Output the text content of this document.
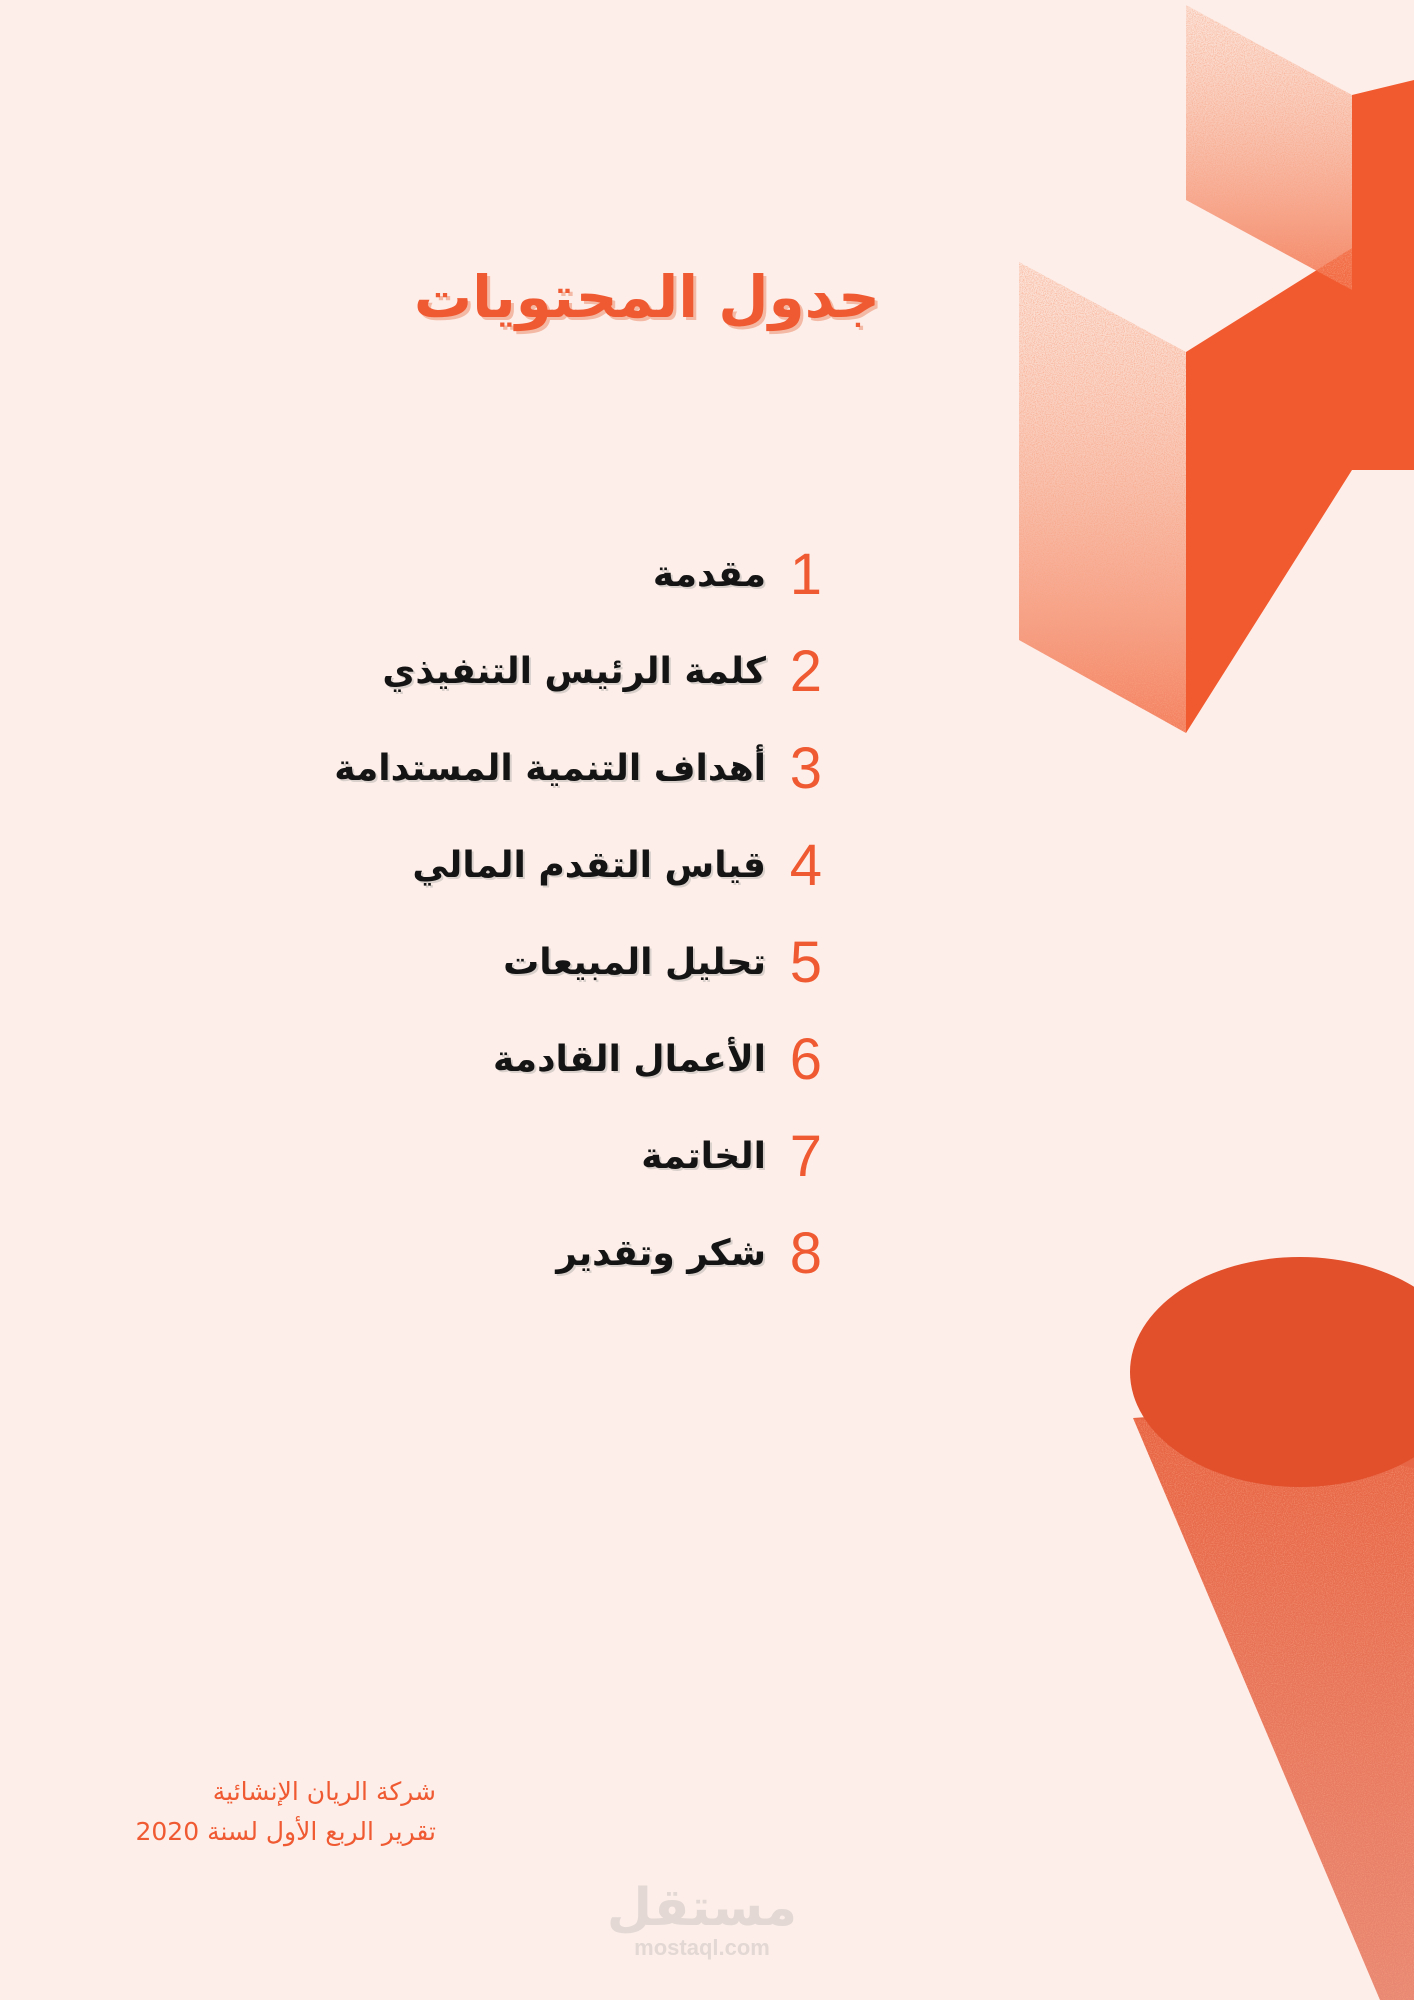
جدول المحتويات
1
مقدمة
2
كلمة الرئيس التنفيذي
3
أهداف التنمية المستدامة
4
قياس التقدم المالي
5
تحليل المبيعات
6
الأعمال القادمة
7
الخاتمة
8
شكر وتقدير
شركة الريان الإنشائية
تقرير الربع الأول لسنة 2020
مستقل
mostaql.com
